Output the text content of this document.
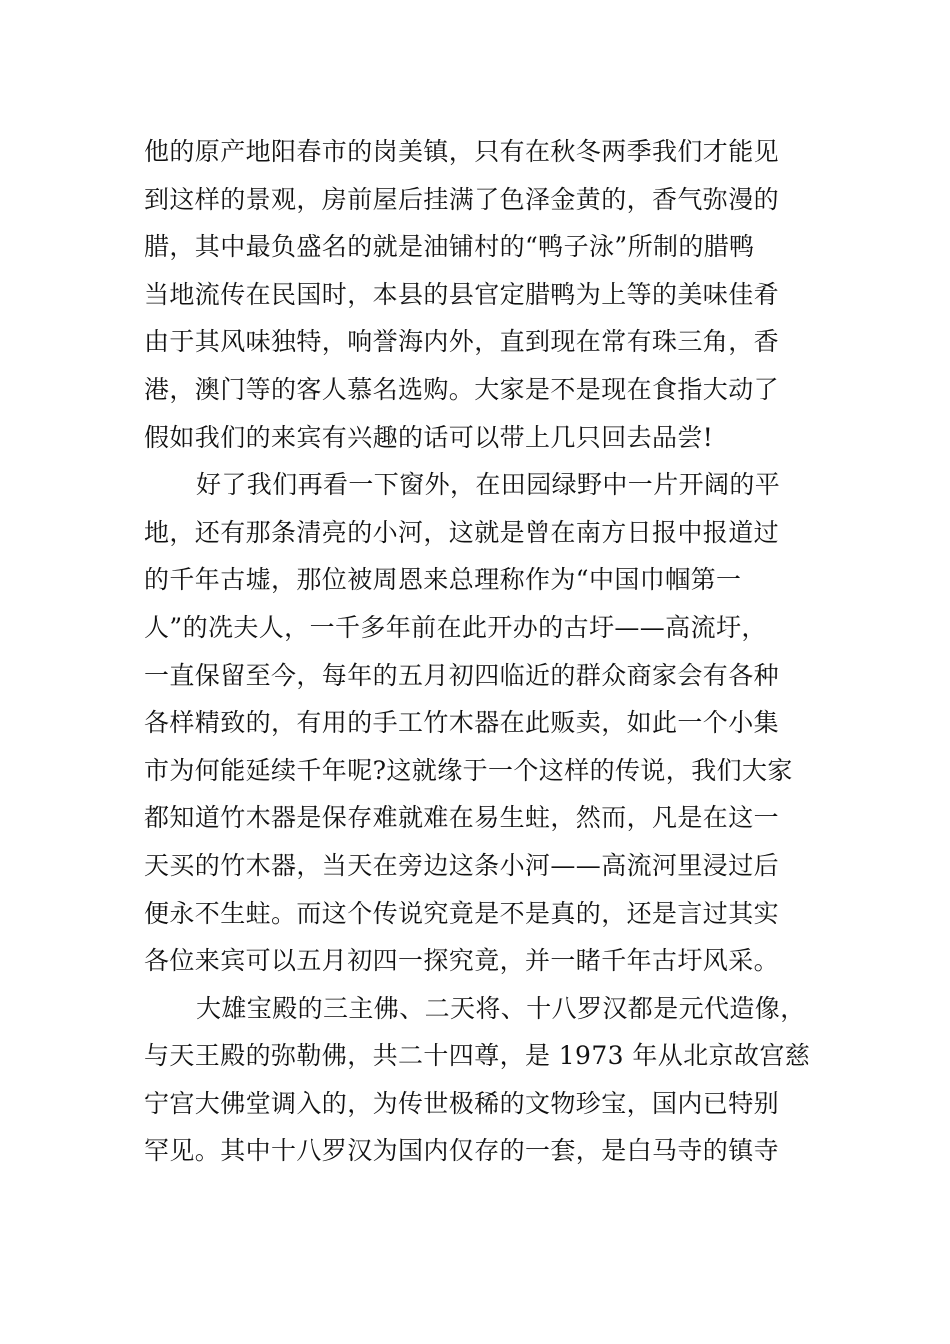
他的原产地阳春市的岗美镇，只有在秋冬两季我们才能见
到这样的景观，房前屋后挂满了色泽金黄的，香气弥漫的
腊，其中最负盛名的就是油铺村的“鸭子泳”所制的腊鸭
当地流传在民国时，本县的县官定腊鸭为上等的美味佳肴
由于其风味独特，响誉海内外，直到现在常有珠三角，香
港，澳门等的客人慕名选购。大家是不是现在食指大动了
假如我们的来宾有兴趣的话可以带上几只回去品尝!
好了我们再看一下窗外，在田园绿野中一片开阔的平
地，还有那条清亮的小河，这就是曾在南方日报中报道过
的千年古墟，那位被周恩来总理称作为“中国巾帼第一
人”的冼夫人，一千多年前在此开办的古圩——高流圩，
一直保留至今，每年的五月初四临近的群众商家会有各种
各样精致的，有用的手工竹木器在此贩卖，如此一个小集
市为何能延续千年呢?这就缘于一个这样的传说，我们大家
都知道竹木器是保存难就难在易生蛀，然而，凡是在这一
天买的竹木器，当天在旁边这条小河——高流河里浸过后
便永不生蛀。而这个传说究竟是不是真的，还是言过其实
各位来宾可以五月初四一探究竟，并一睹千年古圩风采。
大雄宝殿的三主佛、二天将、十八罗汉都是元代造像，
与天王殿的弥勒佛，共二十四尊，是 1973 年从北京故宫慈
宁宫大佛堂调入的，为传世极稀的文物珍宝，国内已特别
罕见。其中十八罗汉为国内仅存的一套，是白马寺的镇寺
